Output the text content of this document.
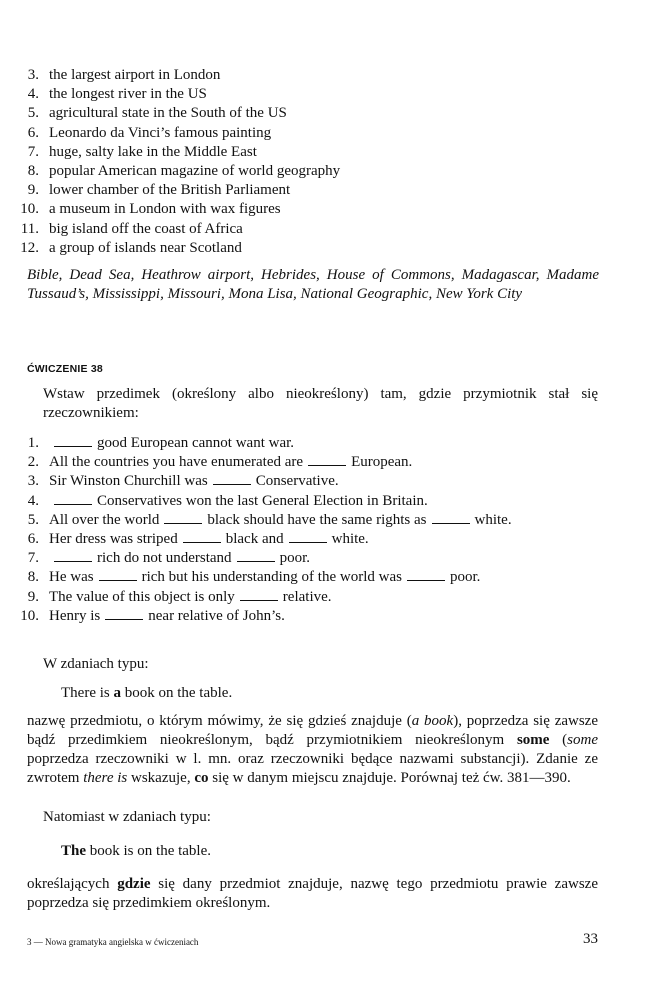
3. the largest airport in London
4. the longest river in the US
5. agricultural state in the South of the US
6. Leonardo da Vinci’s famous painting
7. huge, salty lake in the Middle East
8. popular American magazine of world geography
9. lower chamber of the British Parliament
10. a museum in London with wax figures
11. big island off the coast of Africa
12. a group of islands near Scotland
Bible, Dead Sea, Heathrow airport, Hebrides, House of Commons, Madagascar, Madame Tussaud’s, Mississippi, Missouri, Mona Lisa, National Geographic, New York City
ĆWICZENIE 38
Wstaw przedimek (określony albo nieokreślony) tam, gdzie przymiotnik stał się rzeczownikiem:
1.	good European cannot want war.
2. All the countries you have enumerated are	European.
3. Sir Winston Churchill was	Conservative.
4.	Conservatives won the last General Election in Britain.
5. All over the world	black should have the same rights as	white.
6. Her dress was striped	black and	white.
7.	rich do not understand	poor.
8. He was	rich but his understanding of the world was	poor.
9. The value of this object is only	relative.
10. Henry is	near relative of John’s.
W zdaniach typu:
There is a book on the table.
nazwę przedmiotu, o którym mówimy, że się gdzieś znajduje (a book), poprzedza się zawsze bądź przedimkiem nieokreślonym, bądź przymiotnikiem nieokreślonym some (some poprzedza rzeczowniki w l. mn. oraz rzeczowniki będące nazwami substancji). Zdanie ze zwrotem there is wskazuje, co się w danym miejscu znajduje. Porównaj też ćw. 381—390.
Natomiast w zdaniach typu:
The book is on the table.
określających gdzie się dany przedmiot znajduje, nazwę tego przedmiotu prawie zawsze poprzedza się przedimkiem określonym.
3 — Nowa gramatyka angielska w ćwiczeniach	33
